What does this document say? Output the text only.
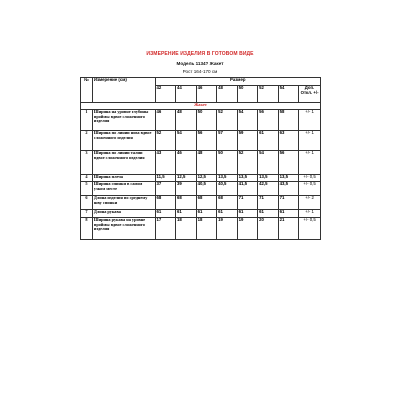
ИЗМЕРЕНИЕ ИЗДЕЛИЯ В ГОТОВОМ ВИДЕ
Модель 1134? Жакет
Рост 164-170 см
№	Измерение (см)	Размер							
		42	44	46	48	50	52	54	Доп. Откл. +/-
Жакет									
1	Ширина на уровне глубины проймы вдвое сложенного изделия	46	48	50	52	54	56	58	+/- 1
2	Ширина по линии низа вдвое сложенного изделия	52	54	56	57	59	61	63	+/- 1
3	Ширина по линии талии вдвое сложенного изделия	43	46	48	50	52	54	56	+/- 1
4	Ширина плеча	11,5	12,5	12,5	13,5	13,5	13,5	13,5	+/- 0,5
5	Ширина спинки в самом узком месте	37	39	40,5	40,5	41,5	42,5	43,5	+/- 0,5
6	Длина изделия по среднему шву спинки	68	68	68	68	71	71	71	+/- 2
7	Длина рукава	61	61	61	61	61	61	61	+/- 1
8	Ширина рукава на уровне проймы вдвое сложенного изделия	17	18	18	19	19	20	21	+/- 0,5
